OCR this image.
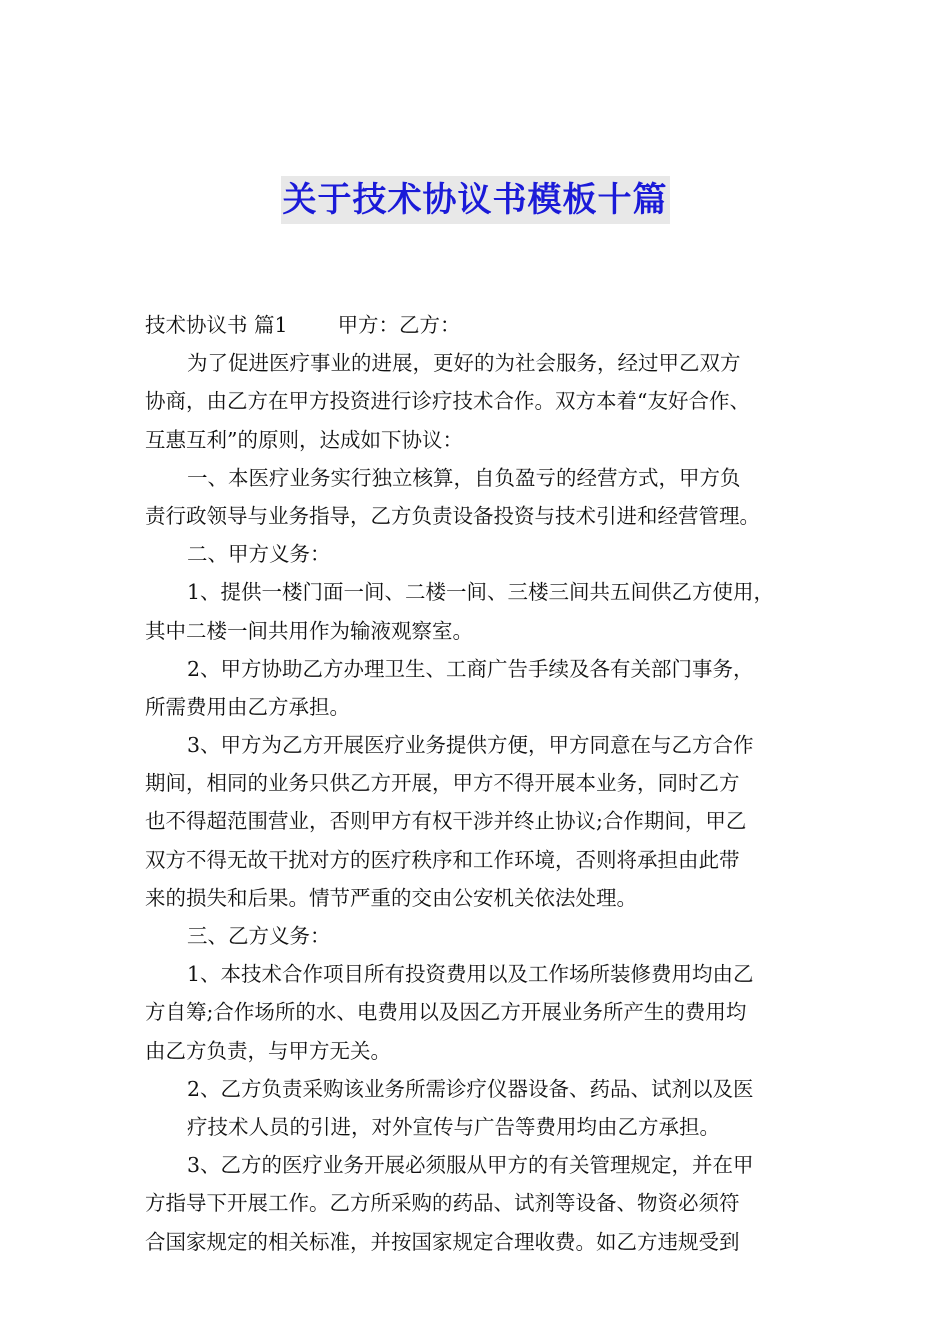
关于技术协议书模板十篇
技术协议书 篇1 甲方：乙方：
为了促进医疗事业的进展，更好的为社会服务，经过甲乙双方
协商，由乙方在甲方投资进行诊疗技术合作。双方本着“友好合作、
互惠互利”的原则，达成如下协议：
一、本医疗业务实行独立核算，自负盈亏的经营方式，甲方负
责行政领导与业务指导，乙方负责设备投资与技术引进和经营管理。
二、甲方义务：
1、提供一楼门面一间、二楼一间、三楼三间共五间供乙方使用，
其中二楼一间共用作为输液观察室。
2、甲方协助乙方办理卫生、工商广告手续及各有关部门事务，
所需费用由乙方承担。
3、甲方为乙方开展医疗业务提供方便，甲方同意在与乙方合作
期间，相同的业务只供乙方开展，甲方不得开展本业务，同时乙方
也不得超范围营业，否则甲方有权干涉并终止协议;合作期间，甲乙
双方不得无故干扰对方的医疗秩序和工作环境，否则将承担由此带
来的损失和后果。情节严重的交由公安机关依法处理。
三、乙方义务：
1、本技术合作项目所有投资费用以及工作场所装修费用均由乙
方自筹;合作场所的水、电费用以及因乙方开展业务所产生的费用均
由乙方负责，与甲方无关。
2、乙方负责采购该业务所需诊疗仪器设备、药品、试剂以及医
疗技术人员的引进，对外宣传与广告等费用均由乙方承担。
3、乙方的医疗业务开展必须服从甲方的有关管理规定，并在甲
方指导下开展工作。乙方所采购的药品、试剂等设备、物资必须符
合国家规定的相关标准，并按国家规定合理收费。如乙方违规受到
